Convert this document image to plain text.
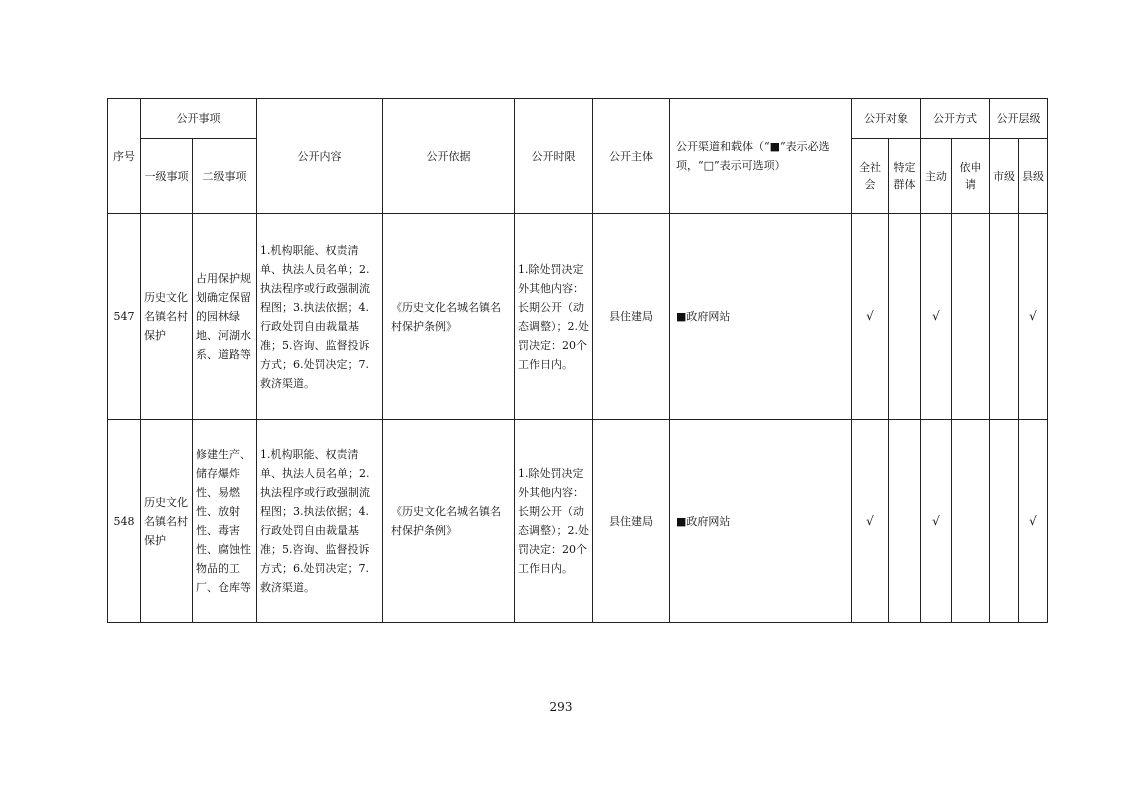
序号	公开事项		公开内容	公开依据	公开时限	公开主体	公开渠道和载体（“■”表示必选项，“□”表示可选项）	公开对象		公开方式		公开层级	
	一级事项	二级事项						全社会	特定群体	主动	依申请	市级	县级

547	历史文化名镇名村保护	占用保护规划确定保留的园林绿地、河湖水系、道路等	1.机构职能、权责清单、执法人员名单；2.执法程序或行政强制流程图；3.执法依据；4.行政处罚自由裁量基准；5.咨询、监督投诉方式；6.处罚决定；7.救济渠道。	《历史文化名城名镇名村保护条例》	1.除处罚决定外其他内容：长期公开（动态调整）；2.处罚决定：20个工作日内。	县住建局	■政府网站	√		√			√
548	历史文化名镇名村保护	修建生产、储存爆炸性、易燃性、放射性、毒害性、腐蚀性物品的工厂、仓库等	1.机构职能、权责清单、执法人员名单；2.执法程序或行政强制流程图；3.执法依据；4.行政处罚自由裁量基准；5.咨询、监督投诉方式；6.处罚决定；7.救济渠道。	《历史文化名城名镇名村保护条例》	1.除处罚决定外其他内容：长期公开（动态调整）；2.处罚决定：20个工作日内。	县住建局	■政府网站	√		√			√
293
